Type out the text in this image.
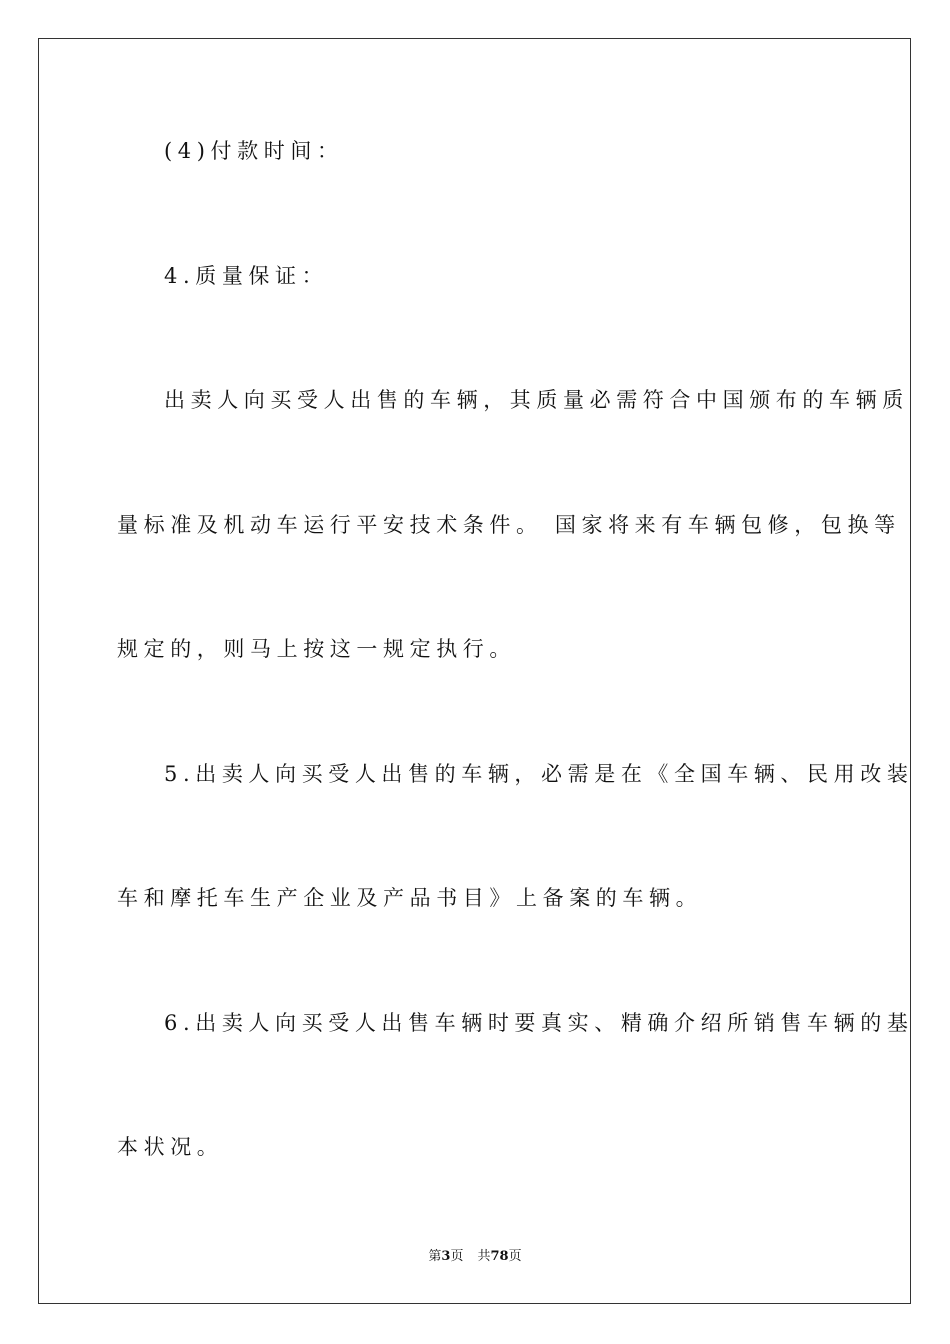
(4)付款时间：
4.质量保证：
出卖人向买受人出售的车辆，其质量必需符合中国颁布的车辆质
量标准及机动车运行平安技术条件。 国家将来有车辆包修，包换等
规定的，则马上按这一规定执行。
5.出卖人向买受人出售的车辆，必需是在《全国车辆、民用改装
车和摩托车生产企业及产品书目》上备案的车辆。
6.出卖人向买受人出售车辆时要真实、精确介绍所销售车辆的基
本状况。
第3页 共78页
